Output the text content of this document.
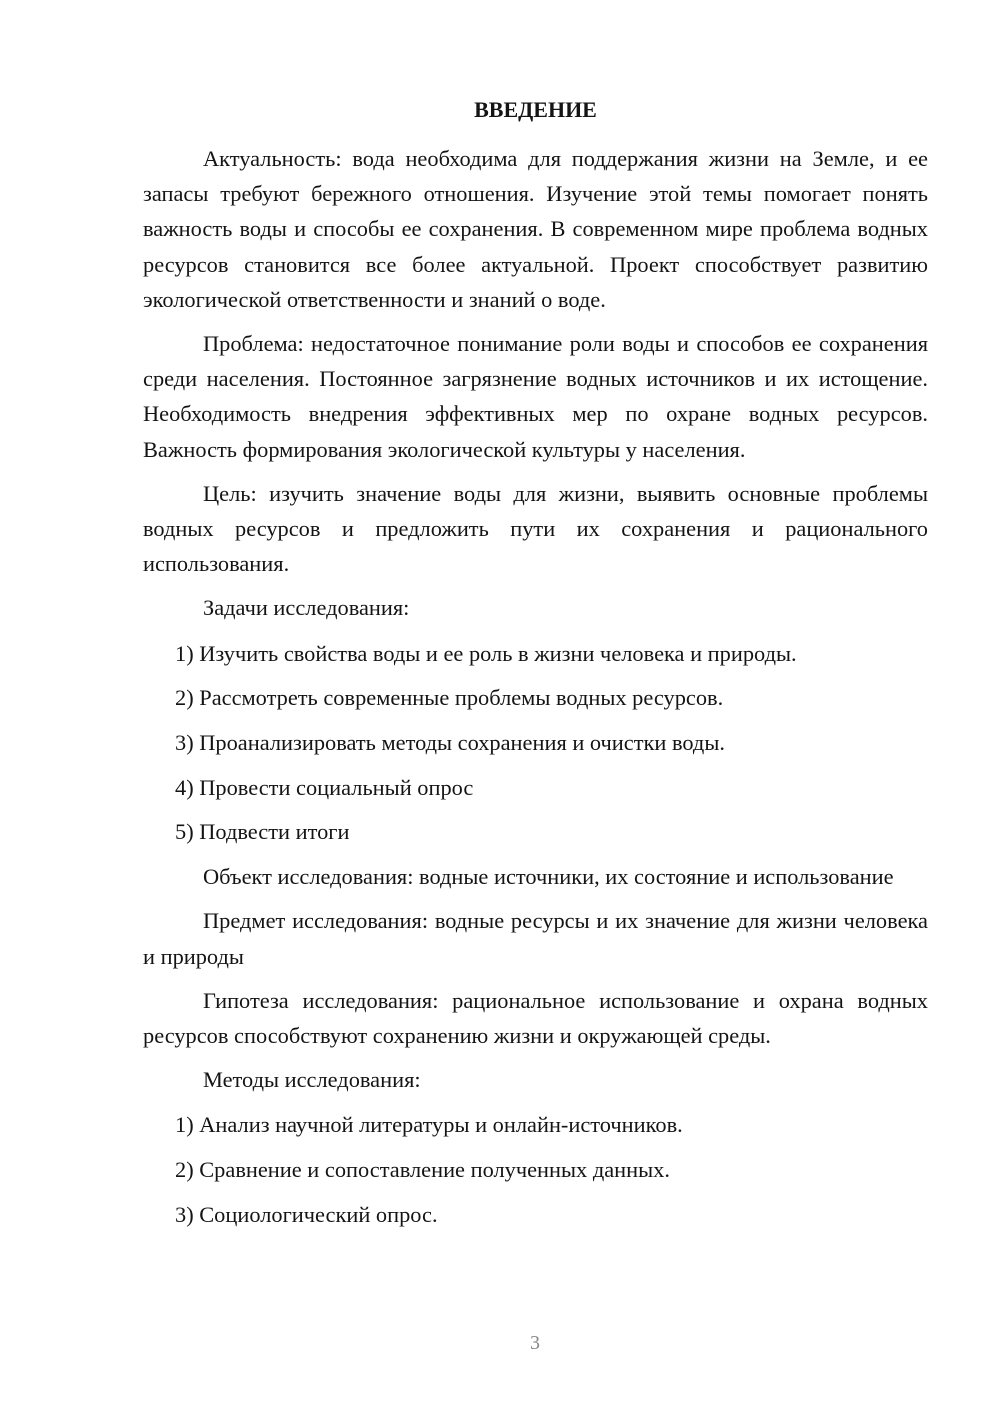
ВВЕДЕНИЕ

Актуальность: вода необходима для поддержания жизни на Земле, и ее запасы требуют бережного отношения. Изучение этой темы помогает понять важность воды и способы ее сохранения. В современном мире проблема водных ресурсов становится все более актуальной. Проект способствует развитию экологической ответственности и знаний о воде.

Проблема: недостаточное понимание роли воды и способов ее сохранения среди населения. Постоянное загрязнение водных источников и их истощение. Необходимость внедрения эффективных мер по охране водных ресурсов. Важность формирования экологической культуры у населения.

Цель: изучить значение воды для жизни, выявить основные проблемы водных ресурсов и предложить пути их сохранения и рационального использования.

Задачи исследования:

1) Изучить свойства воды и ее роль в жизни человека и природы.
2) Рассмотреть современные проблемы водных ресурсов.
3) Проанализировать методы сохранения и очистки воды.
4) Провести социальный опрос
5) Подвести итоги

Объект исследования: водные источники, их состояние и использование

Предмет исследования: водные ресурсы и их значение для жизни человека и природы

Гипотеза исследования: рациональное использование и охрана водных ресурсов способствуют сохранению жизни и окружающей среды.

Методы исследования:

1) Анализ научной литературы и онлайн-источников.
2) Сравнение и сопоставление полученных данных.
3) Социологический опрос.
3
